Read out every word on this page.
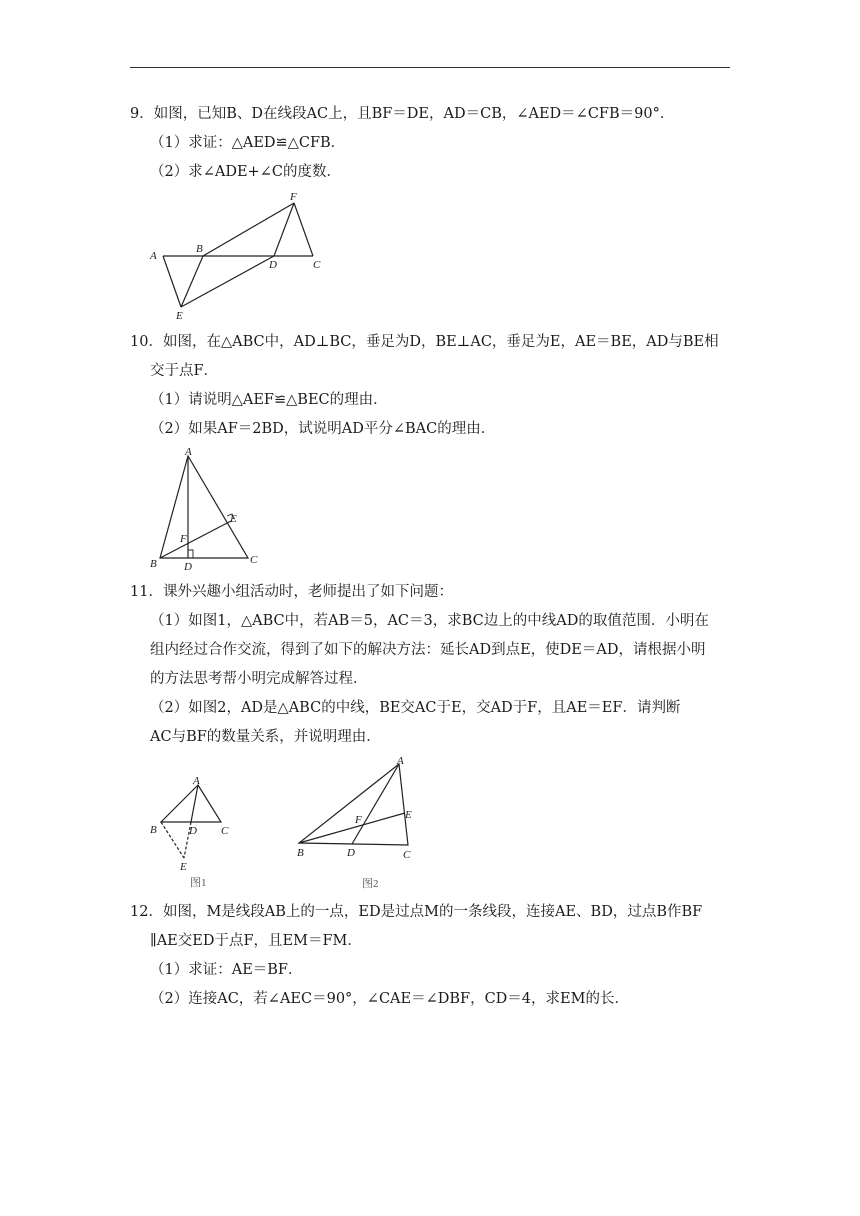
9．如图，已知B、D在线段AC上，且BF＝DE，AD＝CB，∠AED＝∠CFB＝90°．
（1）求证：△AED≌△CFB．
（2）求∠ADE+∠C的度数．
A
B
D	C
E
F
10．如图，在△ABC中，AD⊥BC，垂足为D，BE⊥AC，垂足为E，AE＝BE，AD与BE相
交于点F．
（1）请说明△AEF≌△BEC的理由．
（2）如果AF＝2BD，试说明AD平分∠BAC的理由．
A
B D
C
E
F
11．课外兴趣小组活动时，老师提出了如下问题：
（1）如图1，△ABC中，若AB＝5，AC＝3，求BC边上的中线AD的取值范围．小明在
组内经过合作交流，得到了如下的解决方法：延长AD到点E，使DE＝AD，请根据小明
的方法思考帮小明完成解答过程．
（2）如图2，AD是△ABC的中线，BE交AC于E，交AD于F，且AE＝EF．请判断
AC与BF的数量关系，并说明理由．
A
B	D C
E
图1
A
B	D	C
E
F
图2
12．如图，M是线段AB上的一点，ED是过点M的一条线段，连接AE、BD，过点B作BF
∥AE交ED于点F，且EM＝FM．
（1）求证：AE＝BF．
（2）连接AC，若∠AEC＝90°，∠CAE＝∠DBF，CD＝4，求EM的长．
